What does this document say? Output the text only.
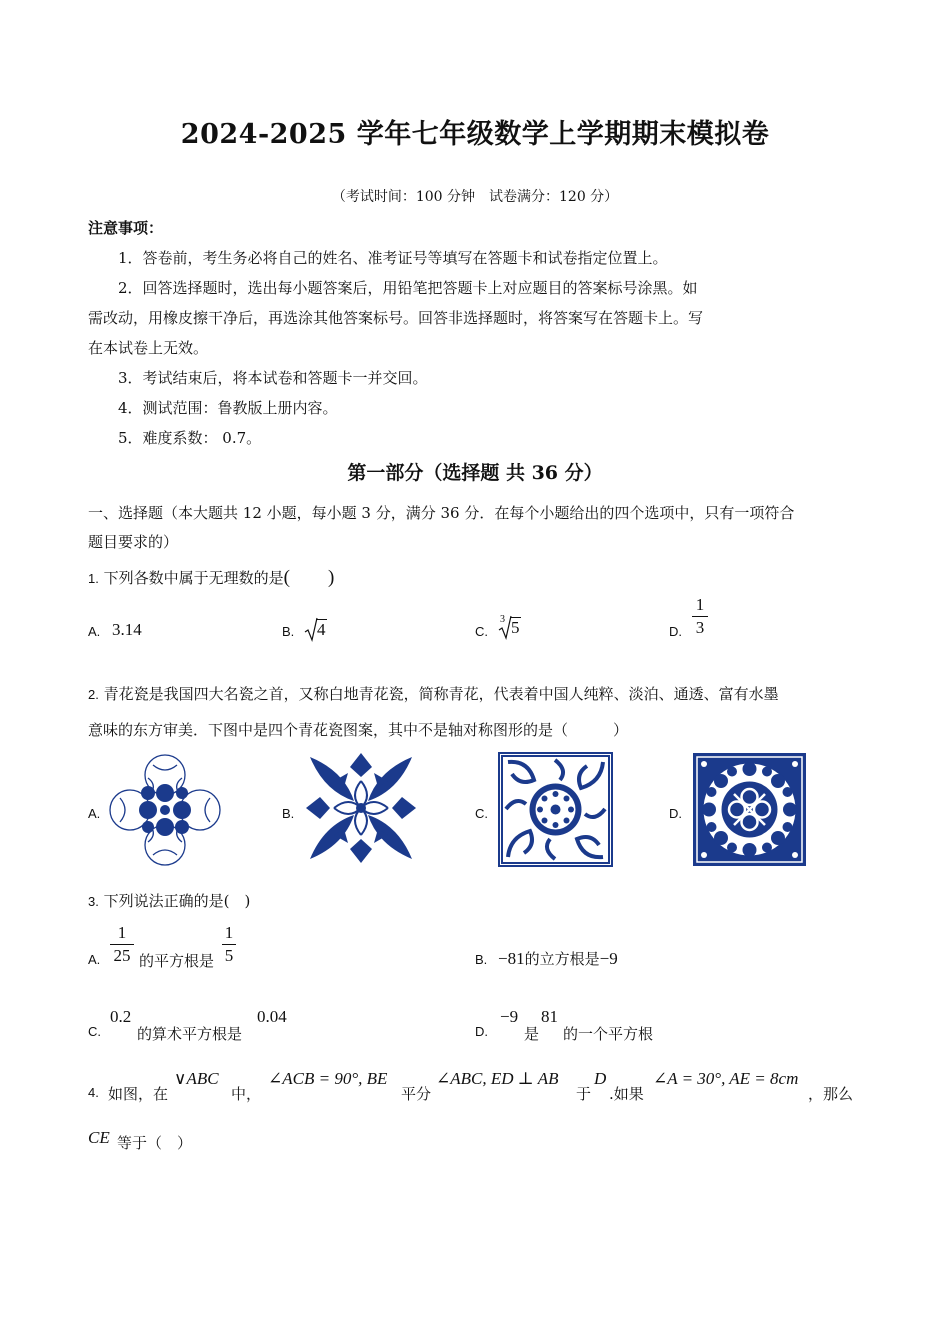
2024-2025 学年七年级数学上学期期末模拟卷
（考试时间：100 分钟　试卷满分：120 分）
注意事项：
1．答卷前，考生务必将自己的姓名、准考证号等填写在答题卡和试卷指定位置上。
2．回答选择题时，选出每小题答案后，用铅笔把答题卡上对应题目的答案标号涂黑。如
需改动，用橡皮擦干净后，再选涂其他答案标号。回答非选择题时，将答案写在答题卡上。写
在本试卷上无效。
3．考试结束后，将本试卷和答题卡一并交回。
4．测试范围：鲁教版上册内容。
5．难度系数： 0.7。
第一部分（选择题 共 36 分）
一、选择题（本大题共 12 小题，每小题 3 分，满分 36 分．在每个小题给出的四个选项中，只有一项符合
题目要求的）
1. 下列各数中属于无理数的是(　　)
A. 3.14	B. 4	C.
3 5	D.
1
3
2. 青花瓷是我国四大名瓷之首，又称白地青花瓷，简称青花，代表着中国人纯粹、淡泊、通透、富有水墨
意味的东方审美．下图中是四个青花瓷图案，其中不是轴对称图形的是（　　　）
A.	B.	C.	D.
3. 下列说法正确的是(　)
A.
1
25 的平方根是
1
5	B. −81的立方根是−9
C.
0.2
的算术平方根是
0.04
D.
−9
是
81
的一个平方根
4. 如图，在
∨ABC
中，
∠ACB = 90°, BE
平分
∠ABC, ED ⊥ AB
于
D
.如果
∠A = 30°, AE = 8cm
，那么
CE 等于（　）
